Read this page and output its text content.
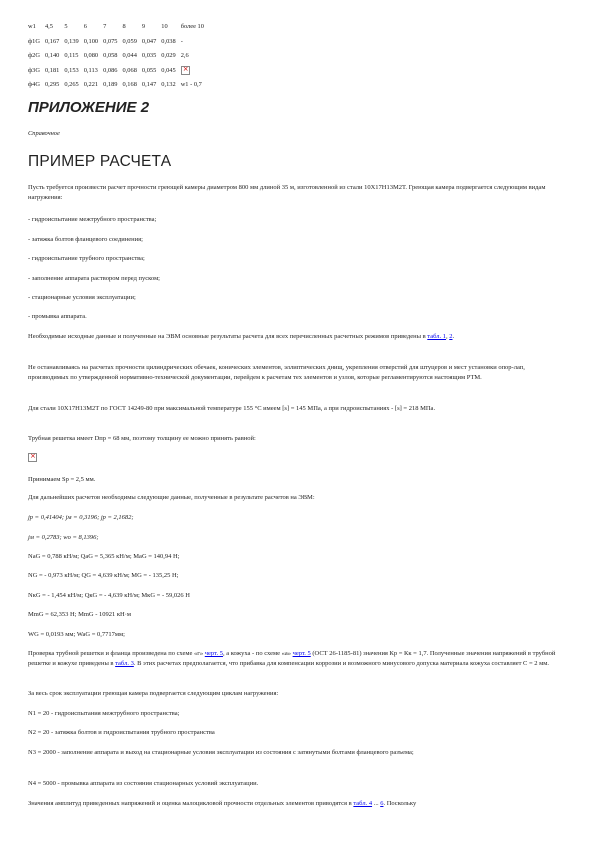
w1	4,5	5	6	7	8	9	10	более 10
ф1G	0,167	0,139	0,100	0,075	0,059	0,047	0,038	-
ф2G	0,140	0,115	0,080	0,058	0,044	0,035	0,029	2,6
ф3G	0,181	0,153	0,113	0,086	0,068	0,055	0,045	×
ф4G	0,295	0,265	0,221	0,189	0,168	0,147	0,132	w1 - 0,7
ПРИЛОЖЕНИЕ 2
Справочное
ПРИМЕР РАСЧЕТА

Пусть требуется произвести расчет прочности греющей камеры диаметром 800 мм длиной 35 м, изготовленной из стали 10Х17Н13М2Т. Греющая камера подвергается следующим видам нагружения:

- гидроиспытание межтрубного пространства;

- затяжка болтов фланцевого соединения;

- гидроиспытание трубного пространства;

- заполнение аппарата раствором перед пуском;

- стационарные условия эксплуатации;

- промывка аппарата.

Необходимые исходные данные и полученные на ЭВМ основные результаты расчета для всех перечисленных расчетных режимов приведены в табл. 1, 2.

Не останавливаясь на расчетах прочности цилиндрических обечаек, конических элементов, эллиптических днищ, укрепления отверстий для штуцеров и мест установки опор-лап, производимых по утвержденной нормативно-технической документации, перейдем к расчетам тех элементов и узлов, которые регламентируются настоящим РТМ.

Для стали 10Х17Н13М2Т по ГОСТ 14249-80 при максимальной температуре 155 °С имеем [s] = 145 МПа, а при гидроиспытаниях - [s] = 218 МПа.

Трубная решетка имеет Dпр = 68 мм, поэтому толщину ее можно принять равной:

×

Принимаем Sp = 2,5 мм.

Для дальнейших расчетов необходимы следующие данные, полученные в результате расчетов на ЭВМ:

jp = 0,41404; jм = 0,3196; jр = 2,1682;

jм = 0,2783; wo = 8,1396;

NaG = 0,788 кН/м; QaG = 5,365 кН/м; MaG = 140,94 Н;

NG = - 0,973 кН/м; QG = 4,639 кН/м; MG = - 135,25 Н;

NкG = - 1,454 кН/м; QкG = - 4,639 кН/м; MкG = - 59,026 Н

MmG = 62,353 Н; MmG - 10921 кН·м

WG = 0,0193 мм; WaG = 0,7717мм;

Проверка трубной решетки и фланца произведена по схеме «г» черт. 5, а кожуха - по схеме «а» черт. 5 (ОСТ 26-1185-81) значения Кр = Кк = 1,7. Полученные значения напряжений в трубной решетке и кожухе приведены в табл. 3. В этих расчетах предполагается, что прибавка для компенсации коррозии и возможного минусового допуска материала кожуха составляет С = 2 мм.

За весь срок эксплуатации греющая камера подвергается следующим циклам нагружения:

N1 = 20 - гидроиспытания межтрубного пространства;

N2 = 20 - затяжка болтов и гидроиспытания трубного пространства

N3 = 2000 - заполнение аппарата и выход на стационарные условия эксплуатации из состояния с затянутыми болтами фланцевого разъема;

N4 = 5000 - промывка аппарата из состояния стационарных условий эксплуатации.

Значения амплитуд приведенных напряжений и оценка малоцикловой прочности отдельных элементов приводятся в табл. 4 ... 6. Поскольку
